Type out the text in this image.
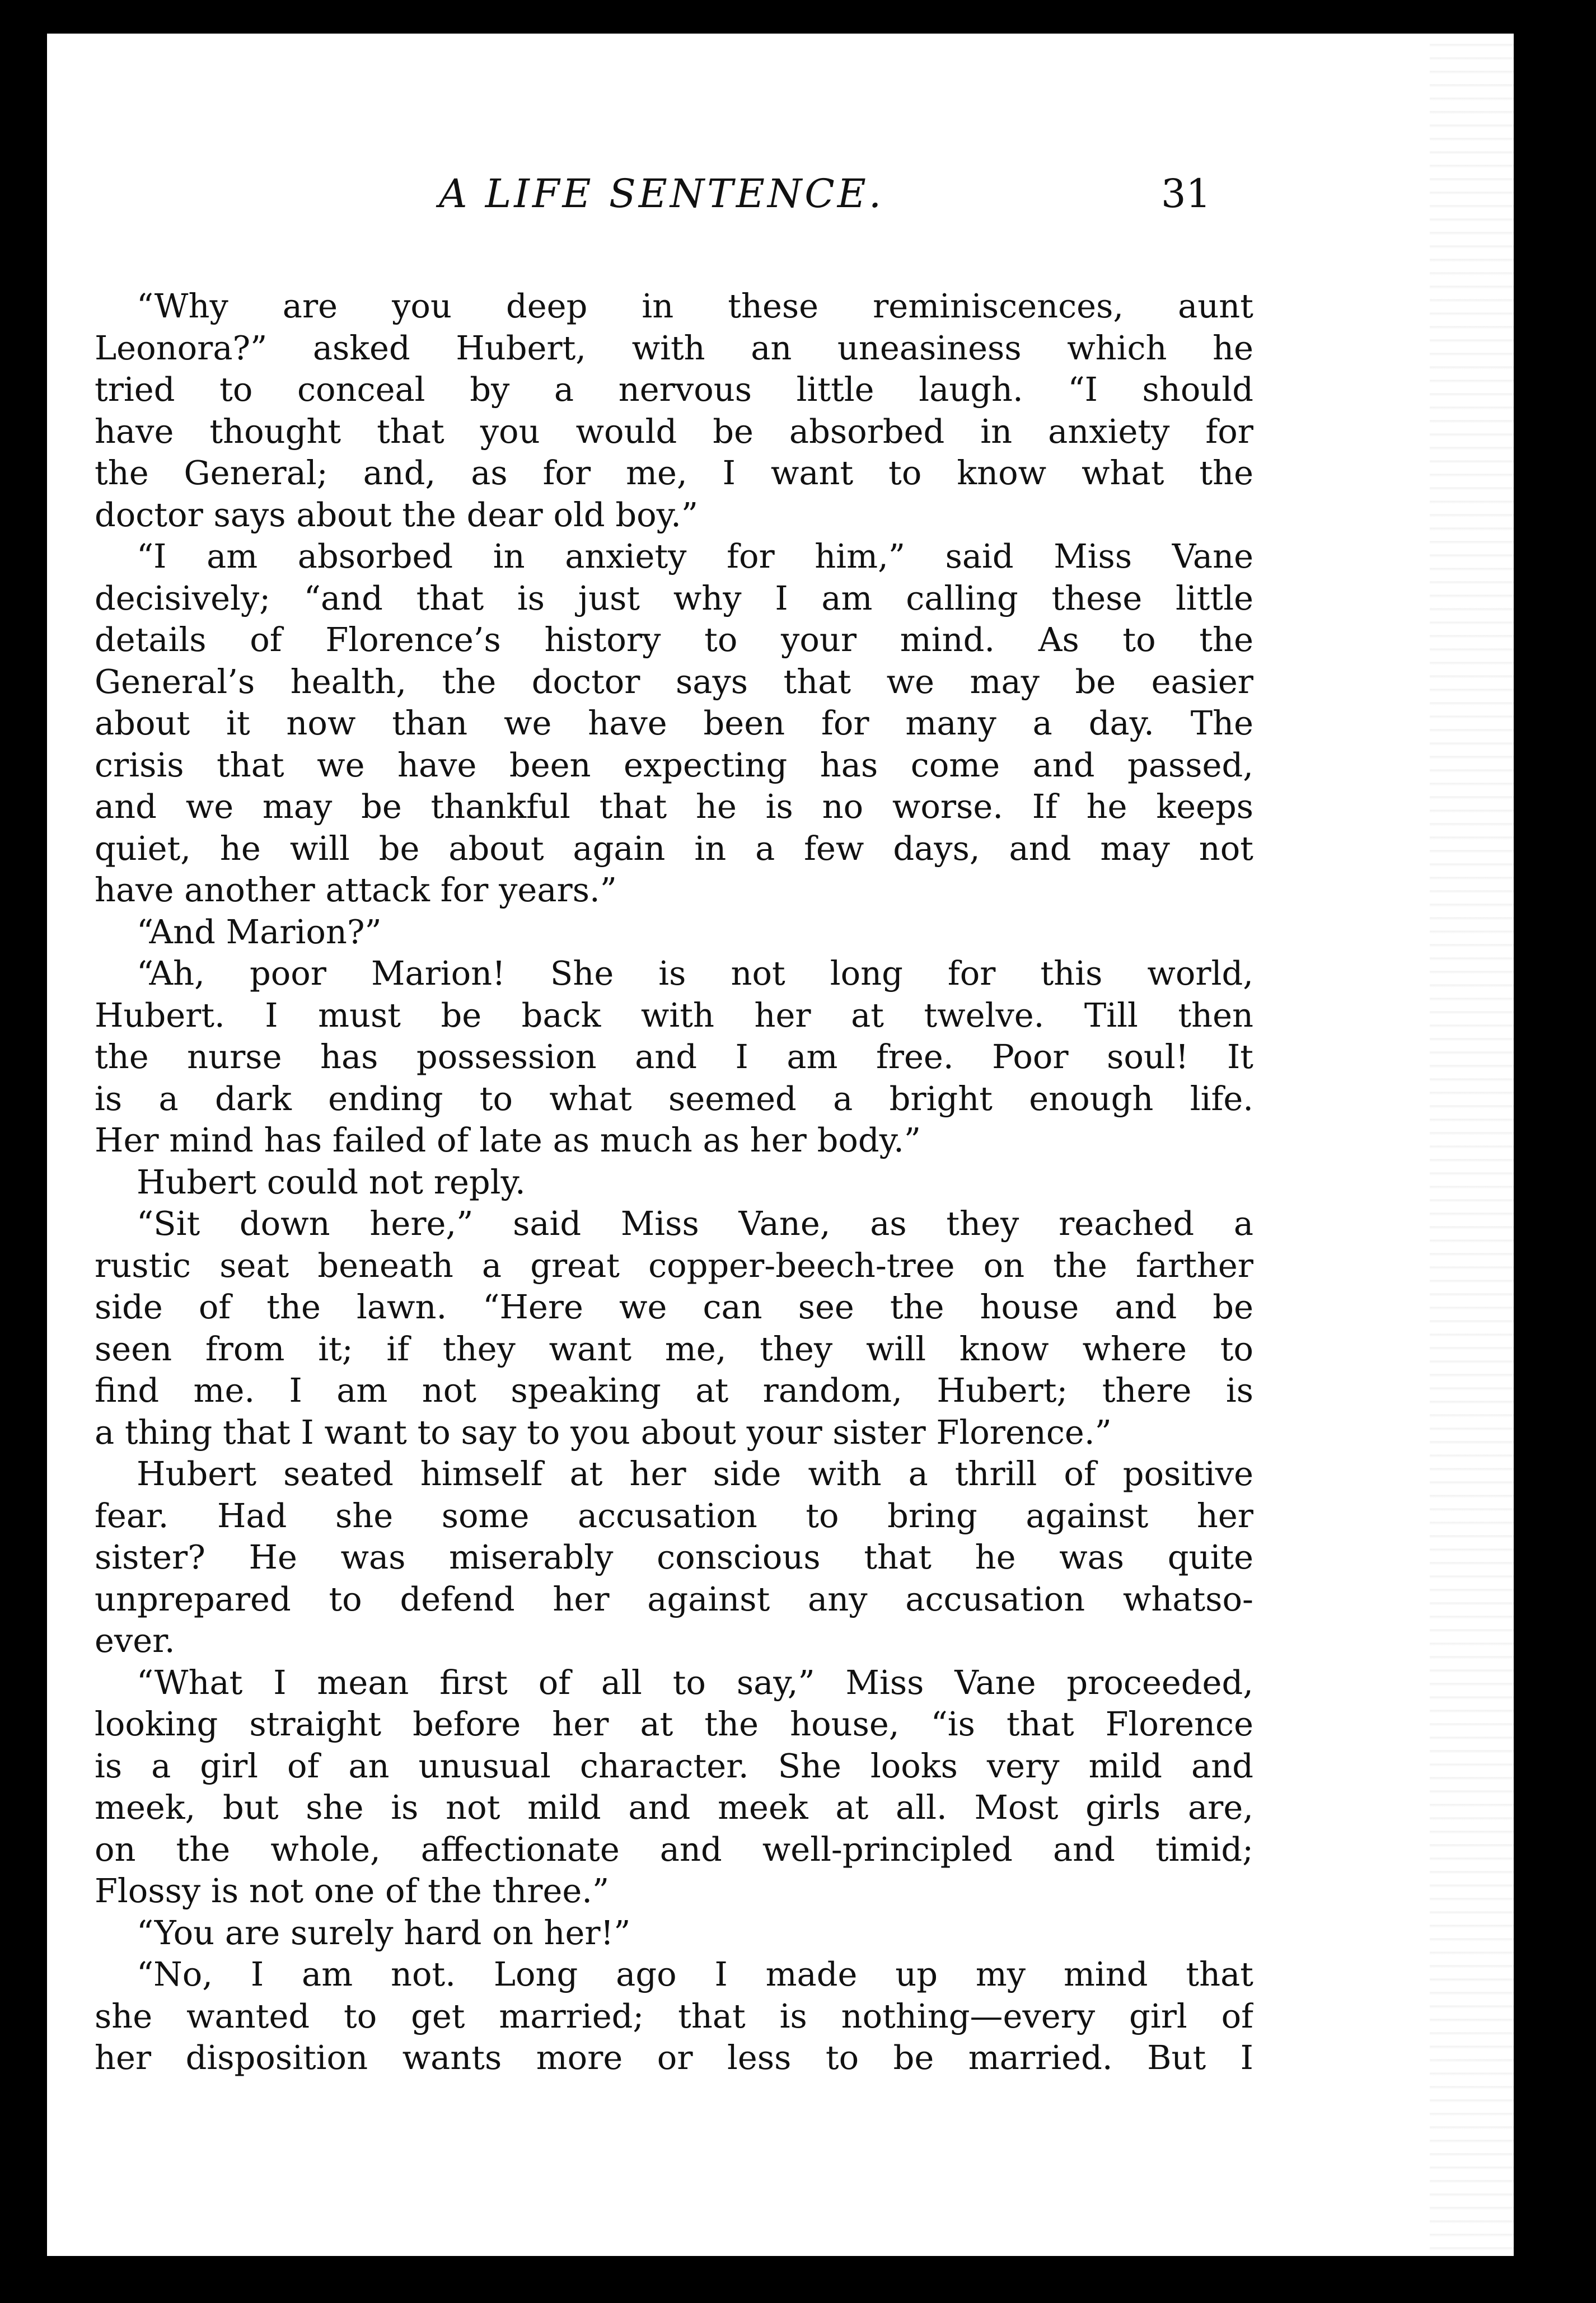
A LIFE SENTENCE.	31
“Why are you deep in these reminiscences, aunt
Leonora?” asked Hubert, with an uneasiness which he
tried to conceal by a nervous little laugh. “I should
have thought that you would be absorbed in anxiety for
the General; and, as for me, I want to know what the
doctor says about the dear old boy.”
“I am absorbed in anxiety for him,” said Miss Vane
decisively; “and that is just why I am calling these little
details of Florence’s history to your mind. As to the
General’s health, the doctor says that we may be easier
about it now than we have been for many a day. The
crisis that we have been expecting has come and passed,
and we may be thankful that he is no worse. If he keeps
quiet, he will be about again in a few days, and may not
have another attack for years.”
“And Marion?”
“Ah, poor Marion! She is not long for this world,
Hubert. I must be back with her at twelve. Till then
the nurse has possession and I am free. Poor soul! It
is a dark ending to what seemed a bright enough life.
Her mind has failed of late as much as her body.”
Hubert could not reply.
“Sit down here,” said Miss Vane, as they reached a
rustic seat beneath a great copper-beech-tree on the farther
side of the lawn. “Here we can see the house and be
seen from it; if they want me, they will know where to
find me. I am not speaking at random, Hubert; there is
a thing that I want to say to you about your sister Florence.”
Hubert seated himself at her side with a thrill of positive
fear. Had she some accusation to bring against her
sister? He was miserably conscious that he was quite
unprepared to defend her against any accusation whatso-
ever.
“What I mean first of all to say,” Miss Vane proceeded,
looking straight before her at the house, “is that Florence
is a girl of an unusual character. She looks very mild and
meek, but she is not mild and meek at all. Most girls are,
on the whole, affectionate and well-principled and timid;
Flossy is not one of the three.”
“You are surely hard on her!”
“No, I am not. Long ago I made up my mind that
she wanted to get married; that is nothing—every girl of
her disposition wants more or less to be married. But I
